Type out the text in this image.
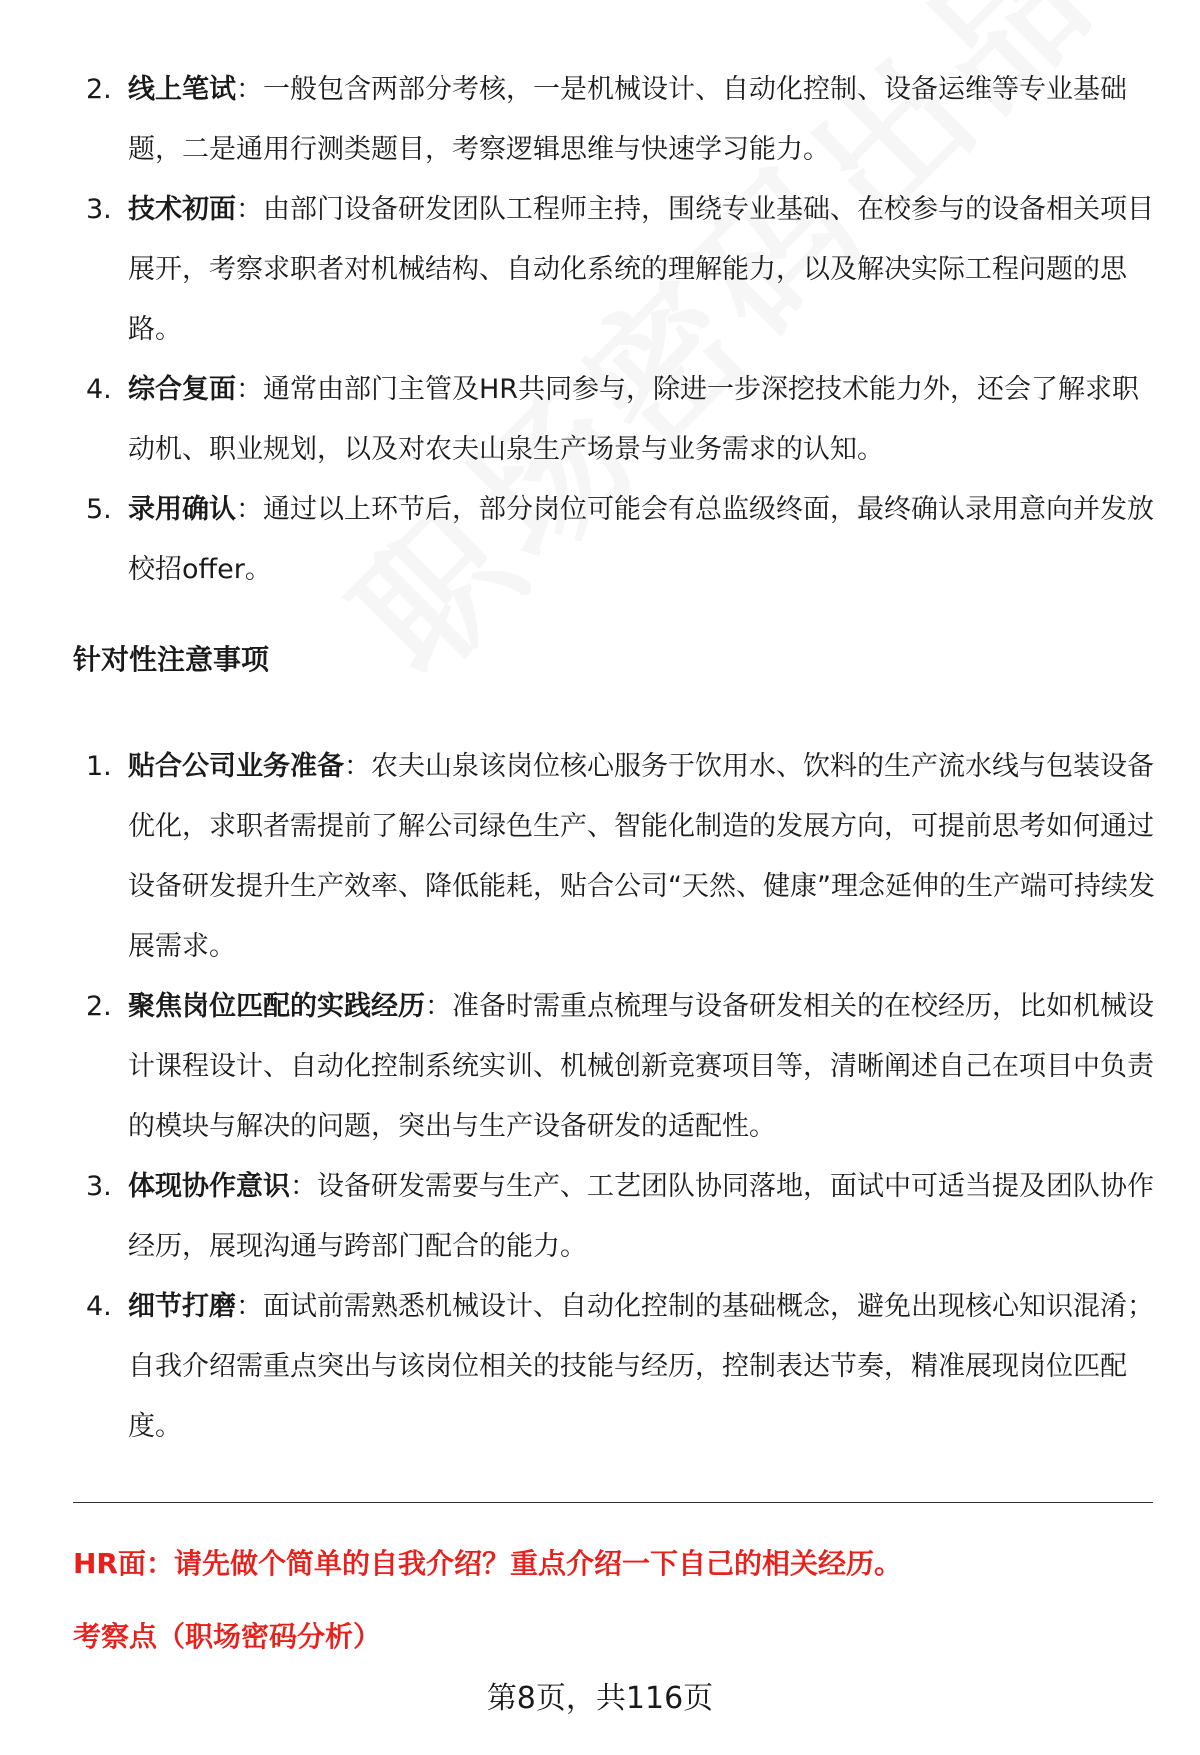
2. 线上笔试：一般包含两部分考核，一是机械设计、自动化控制、设备运维等专业基础题，二是通用行测类题目，考察逻辑思维与快速学习能力。
3. 技术初面：由部门设备研发团队工程师主持，围绕专业基础、在校参与的设备相关项目展开，考察求职者对机械结构、自动化系统的理解能力，以及解决实际工程问题的思路。
4. 综合复面：通常由部门主管及HR共同参与，除进一步深挖技术能力外，还会了解求职动机、职业规划，以及对农夫山泉生产场景与业务需求的认知。
5. 录用确认：通过以上环节后，部分岗位可能会有总监级终面，最终确认录用意向并发放校招offer。
针对性注意事项
1. 贴合公司业务准备：农夫山泉该岗位核心服务于饮用水、饮料的生产流水线与包装设备优化，求职者需提前了解公司绿色生产、智能化制造的发展方向，可提前思考如何通过设备研发提升生产效率、降低能耗，贴合公司“天然、健康”理念延伸的生产端可持续发展需求。
2. 聚焦岗位匹配的实践经历：准备时需重点梳理与设备研发相关的在校经历，比如机械设计课程设计、自动化控制系统实训、机械创新竞赛项目等，清晰阐述自己在项目中负责的模块与解决的问题，突出与生产设备研发的适配性。
3. 体现协作意识：设备研发需要与生产、工艺团队协同落地，面试中可适当提及团队协作经历，展现沟通与跨部门配合的能力。
4. 细节打磨：面试前需熟悉机械设计、自动化控制的基础概念，避免出现核心知识混淆；自我介绍需重点突出与该岗位相关的技能与经历，控制表达节奏，精准展现岗位匹配度。
HR面：请先做个简单的自我介绍？重点介绍一下自己的相关经历。
考察点（职场密码分析）
第8页，共116页
